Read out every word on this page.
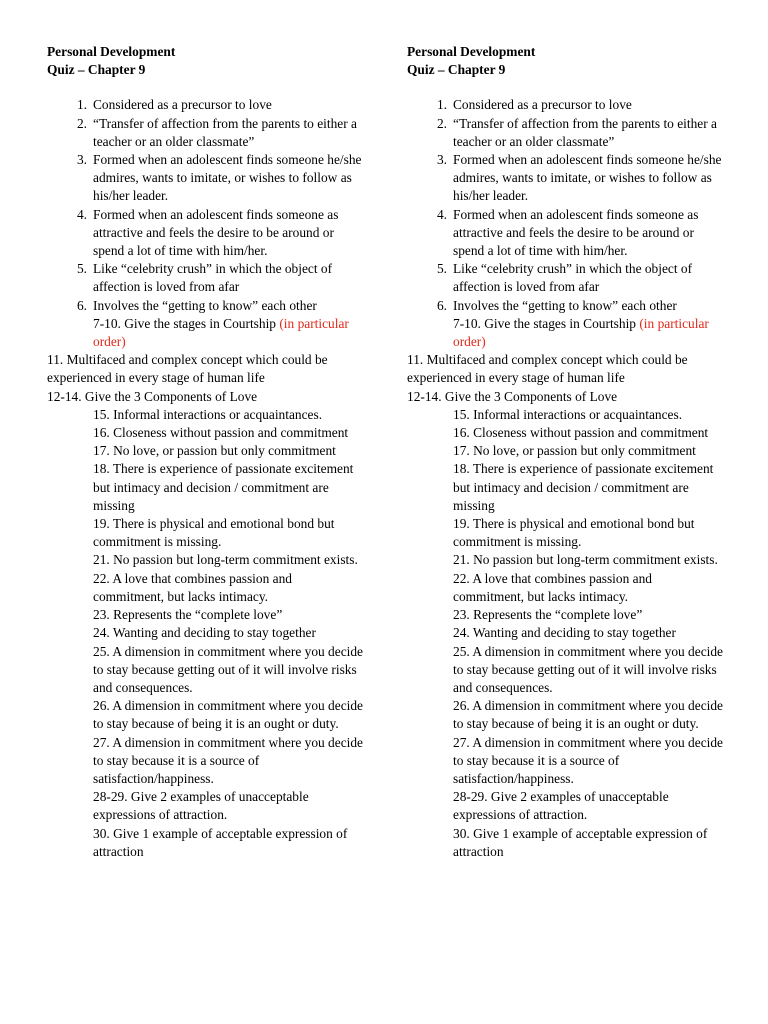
Personal Development

Quiz – Chapter 9

1. Considered as a precursor to love
2. “Transfer of affection from the parents to either a teacher or an older classmate”
3. Formed when an adolescent finds someone he/she admires, wants to imitate, or wishes to follow as his/her leader.
4. Formed when an adolescent finds someone as attractive and feels the desire to be around or spend a lot of time with him/her.
5. Like “celebrity crush” in which the object of affection is loved from afar
6. Involves the “getting to know” each other

7-10. Give the stages in Courtship (in particular order)

11. Multifaced and complex concept which could be experienced in every stage of human life

12-14. Give the 3 Components of Love

15. Informal interactions or acquaintances.

16. Closeness without passion and commitment

17. No love, or passion but only commitment

18. There is experience of passionate excitement but intimacy and decision / commitment are missing

19. There is physical and emotional bond but commitment is missing.

21. No passion but long-term commitment exists.

22. A love that combines passion and commitment, but lacks intimacy.

23. Represents the “complete love”

24. Wanting and deciding to stay together

25. A dimension in commitment where you decide to stay because getting out of it will involve risks and consequences.

26. A dimension in commitment where you decide to stay because of being it is an ought or duty.

27. A dimension in commitment where you decide to stay because it is a source of satisfaction/happiness.

28-29. Give 2 examples of unacceptable expressions of attraction.

30. Give 1 example of acceptable expression of attraction

Personal Development

Quiz – Chapter 9

1. Considered as a precursor to love
2. “Transfer of affection from the parents to either a teacher or an older classmate”
3. Formed when an adolescent finds someone he/she admires, wants to imitate, or wishes to follow as his/her leader.
4. Formed when an adolescent finds someone as attractive and feels the desire to be around or spend a lot of time with him/her.
5. Like “celebrity crush” in which the object of affection is loved from afar
6. Involves the “getting to know” each other

7-10. Give the stages in Courtship (in particular order)

11. Multifaced and complex concept which could be experienced in every stage of human life

12-14. Give the 3 Components of Love

15. Informal interactions or acquaintances.

16. Closeness without passion and commitment

17. No love, or passion but only commitment

18. There is experience of passionate excitement but intimacy and decision / commitment are missing

19. There is physical and emotional bond but commitment is missing.

21. No passion but long-term commitment exists.

22. A love that combines passion and commitment, but lacks intimacy.

23. Represents the “complete love”

24. Wanting and deciding to stay together

25. A dimension in commitment where you decide to stay because getting out of it will involve risks and consequences.

26. A dimension in commitment where you decide to stay because of being it is an ought or duty.

27. A dimension in commitment where you decide to stay because it is a source of satisfaction/happiness.

28-29. Give 2 examples of unacceptable expressions of attraction.

30. Give 1 example of acceptable expression of attraction
